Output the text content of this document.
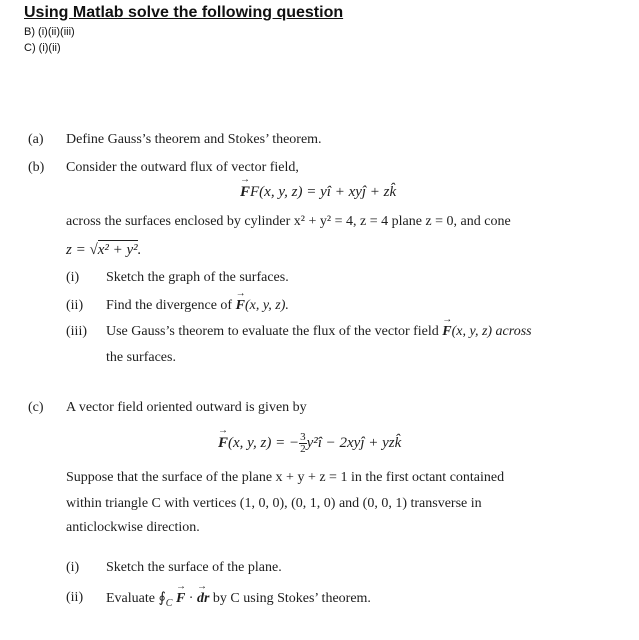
Using Matlab solve the following question
B) (i)(ii)(iii)
C) (i)(ii)
(a) Define Gauss’s theorem and Stokes’ theorem.
(b) Consider the outward flux of vector field,
→ FF(x, y, z) = yî + xyĵ + zk̂
across the surfaces enclosed by cylinder x² + y² = 4, z = 4 plane z = 0, and cone
z = √x² + y².
(i) Sketch the graph of the surfaces.
(ii) Find the divergence of → F(x, y, z).
(iii) Use Gauss’s theorem to evaluate the flux of the vector field → F(x, y, z) across
the surfaces.
(c) A vector field oriented outward is given by
→ F(x, y, z) = − $\frac{3}{2}y^2î$ − 2xyĵ + yzk̂
Suppose that the surface of the plane x + y + z = 1 in the first octant contained
within triangle C with vertices (1, 0, 0), (0, 1, 0) and (0, 0, 1) transverse in
anticlockwise direction.
(i) Sketch the surface of the plane.
(ii) Evaluate $∮_C \to F$ · → dr by C using Stokes’ theorem.
